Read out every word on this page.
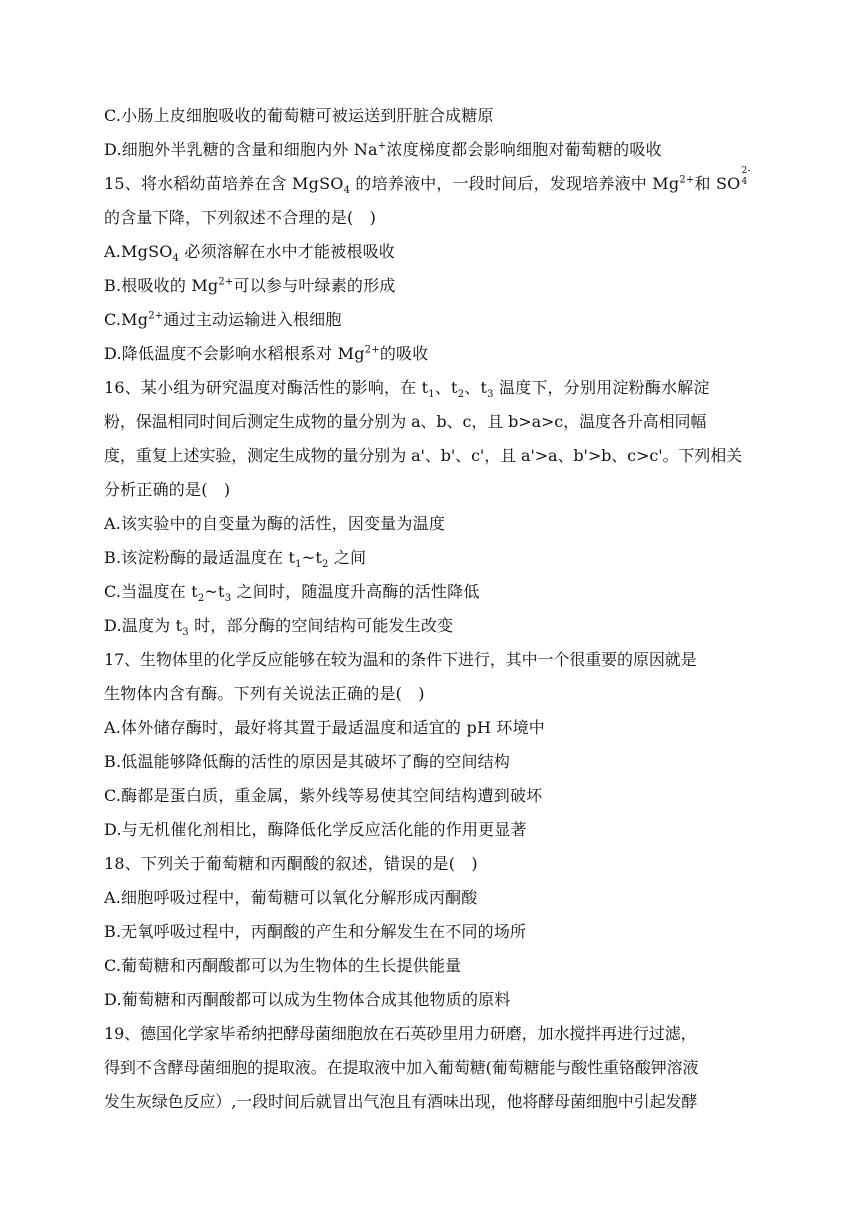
C.小肠上皮细胞吸收的葡萄糖可被运送到肝脏合成糖原
D.细胞外半乳糖的含量和细胞内外 Na+浓度梯度都会影响细胞对葡萄糖的吸收
15、将水稻幼苗培养在含 MgSO$_4$ 的培养液中，一段时间后，发现培养液中 $Mg^{2+}$和 SO
2-
4
的含量下降，下列叙述不合理的是(　)
A.MgSO$_4$ 必须溶解在水中才能被根吸收
B.根吸收的 $Mg^{2+}$可以参与叶绿素的形成
$C.Mg^{2+}$通过主动运输进入根细胞
D.降低温度不会影响水稻根系对 $Mg^{2+}$的吸收
16、某小组为研究温度对酶活性的影响，在 $t_1$、$t_2$、$t_3$ 温度下，分别用淀粉酶水解淀
粉，保温相同时间后测定生成物的量分别为 a、b、c，且 b>a>c，温度各升高相同幅
度，重复上述实验，测定生成物的量分别为 a'、b'、c'，且 a'>a、b'>b、c>c'。下列相关
分析正确的是(　)
A.该实验中的自变量为酶的活性，因变量为温度
B.该淀粉酶的最适温度在 $t_1\sim t_2$ 之间
C.当温度在 $t_2\sim t_3$ 之间时，随温度升高酶的活性降低
D.温度为 $t_3$ 时，部分酶的空间结构可能发生改变
17、生物体里的化学反应能够在较为温和的条件下进行，其中一个很重要的原因就是
生物体内含有酶。下列有关说法正确的是(　)
A.体外储存酶时，最好将其置于最适温度和适宜的 pH 环境中
B.低温能够降低酶的活性的原因是其破坏了酶的空间结构
C.酶都是蛋白质，重金属，紫外线等易使其空间结构遭到破坏
D.与无机催化剂相比，酶降低化学反应活化能的作用更显著
18、下列关于葡萄糖和丙酮酸的叙述，错误的是(　)
A.细胞呼吸过程中，葡萄糖可以氧化分解形成丙酮酸
B.无氧呼吸过程中，丙酮酸的产生和分解发生在不同的场所
C.葡萄糖和丙酮酸都可以为生物体的生长提供能量
D.葡萄糖和丙酮酸都可以成为生物体合成其他物质的原料
19、德国化学家毕希纳把酵母菌细胞放在石英砂里用力研磨，加水搅拌再进行过滤，
得到不含酵母菌细胞的提取液。在提取液中加入葡萄糖(葡萄糖能与酸性重铬酸钾溶液
发生灰绿色反应）,一段时间后就冒出气泡且有酒味出现，他将酵母菌细胞中引起发酵
